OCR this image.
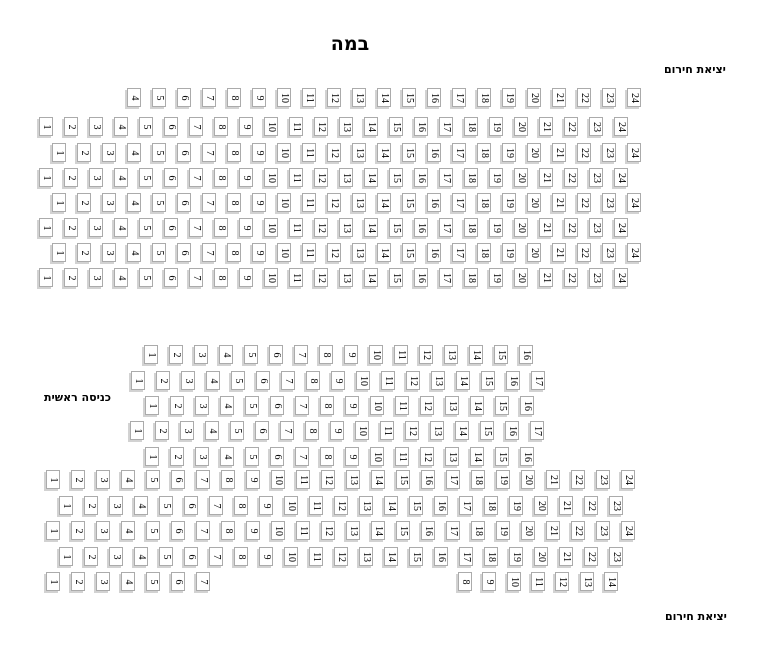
במה
יציאת חירום
כניסה ראשית
יציאת חירום
4 5 6 7 8 9 10 11 12 13 14 15 16 17 18 19 20 21 22 23 24
1 2 3 4 5 6 7 8 9 10 11 12 13 14 15 16 17 18 19 20 21 22 23 24
1 2 3 4 5 6 7 8 9 10 11 12 13 14 15 16 17 18 19 20 21 22 23 24
1 2 3 4 5 6 7 8 9 10 11 12 13 14 15 16 17 18 19 20 21 22 23 24
1 2 3 4 5 6 7 8 9 10 11 12 13 14 15 16 17 18 19 20 21 22 23 24
1 2 3 4 5 6 7 8 9 10 11 12 13 14 15 16 17 18 19 20 21 22 23 24
1 2 3 4 5 6 7 8 9 10 11 12 13 14 15 16 17 18 19 20 21 22 23 24
1 2 3 4 5 6 7 8 9 10 11 12 13 14 15 16 17 18 19 20 21 22 23 24
1 2 3 4 5 6 7 8 9 10 11 12 13 14 15 16
1 2 3 4 5 6 7 8 9 10 11 12 13 14 15 16 17
1 2 3 4 5 6 7 8 9 10 11 12 13 14 15 16
1 2 3 4 5 6 7 8 9 10 11 12 13 14 15 16 17
1 2 3 4 5 6 7 8 9 10 11 12 13 14 15 16
1 2 3 4 5 6 7 8 9 10 11 12 13 14 15 16 17 18 19 20 21 22 23 24
1 2 3 4 5 6 7 8 9 10 11 12 13 14 15 16 17 18 19 20 21 22 23
1 2 3 4 5 6 7 8 9 10 11 12 13 14 15 16 17 18 19 20 21 22 23 24
1 2 3 4 5 6 7 8 9 10 11 12 13 14 15 16 17 18 19 20 21 22 23
1 2 3 4 5 6 7	8 9 10 11 12 13 14
